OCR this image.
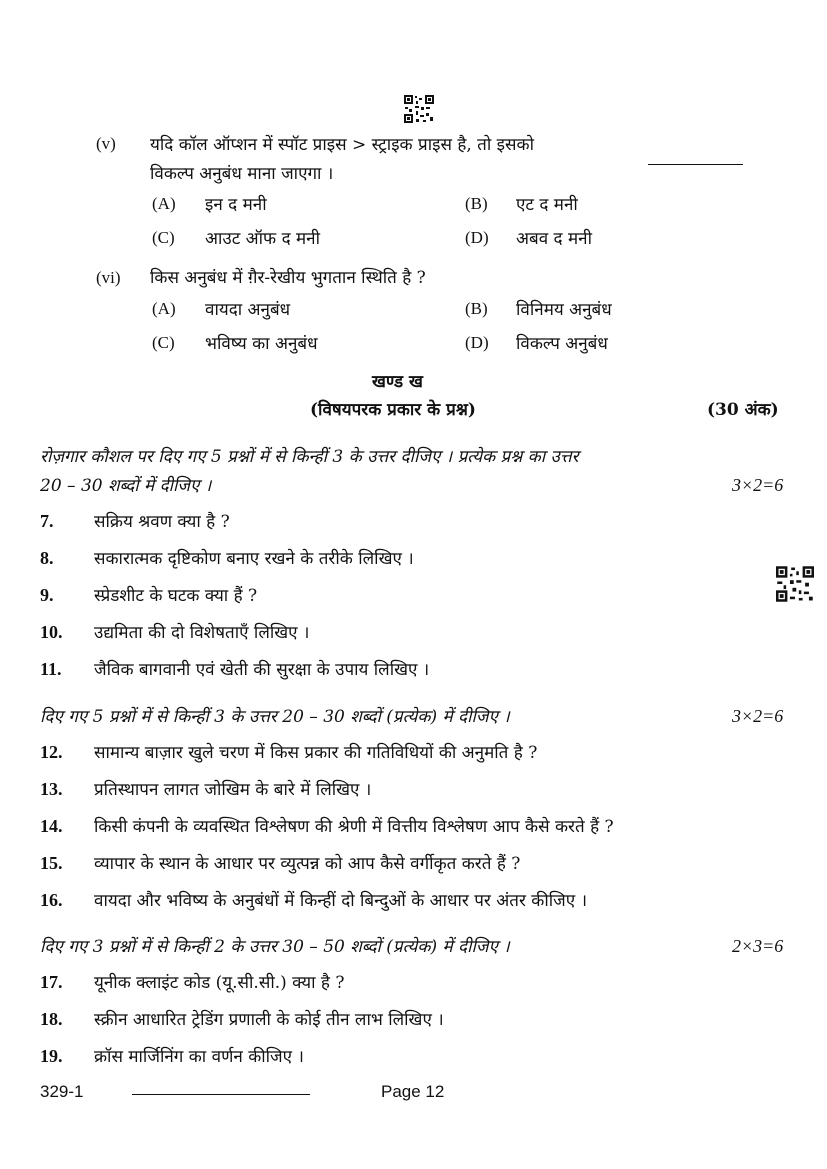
(v) यदि कॉल ऑप्शन में स्पॉट प्राइस > स्ट्राइक प्राइस है, तो इसको
विकल्प अनुबंध माना जाएगा ।
(A) इन द मनी	(B) एट द मनी
(C) आउट ऑफ द मनी	(D) अबव द मनी
(vi) किस अनुबंध में ग़ैर-रेखीय भुगतान स्थिति है ?
(A) वायदा अनुबंध	(B) विनिमय अनुबंध
(C) भविष्य का अनुबंध	(D) विकल्प अनुबंध
खण्ड ख
(विषयपरक प्रकार के प्रश्न)	(30 अंक)
रोज़गार कौशल पर दिए गए 5 प्रश्नों में से किन्हीं 3 के उत्तर दीजिए । प्रत्येक प्रश्न का उत्तर
20 – 30 शब्दों में दीजिए ।	3×2=6
7. सक्रिय श्रवण क्या है ?
8. सकारात्मक दृष्टिकोण बनाए रखने के तरीके लिखिए ।
9. स्प्रेडशीट के घटक क्या हैं ?
10. उद्यमिता की दो विशेषताएँ लिखिए ।
11. जैविक बागवानी एवं खेती की सुरक्षा के उपाय लिखिए ।
दिए गए 5 प्रश्नों में से किन्हीं 3 के उत्तर 20 – 30 शब्दों (प्रत्येक) में दीजिए ।	3×2=6
12. सामान्य बाज़ार खुले चरण में किस प्रकार की गतिविधियों की अनुमति है ?
13. प्रतिस्थापन लागत जोखिम के बारे में लिखिए ।
14. किसी कंपनी के व्यवस्थित विश्लेषण की श्रेणी में वित्तीय विश्लेषण आप कैसे करते हैं ?
15. व्यापार के स्थान के आधार पर व्युत्पन्न को आप कैसे वर्गीकृत करते हैं ?
16. वायदा और भविष्य के अनुबंधों में किन्हीं दो बिन्दुओं के आधार पर अंतर कीजिए ।
दिए गए 3 प्रश्नों में से किन्हीं 2 के उत्तर 30 – 50 शब्दों (प्रत्येक) में दीजिए ।	2×3=6
17. यूनीक क्लाइंट कोड (यू.सी.सी.) क्या है ?
18. स्क्रीन आधारित ट्रेडिंग प्रणाली के कोई तीन लाभ लिखिए ।
19. क्रॉस मार्जिनिंग का वर्णन कीजिए ।
329-1	Page 12
